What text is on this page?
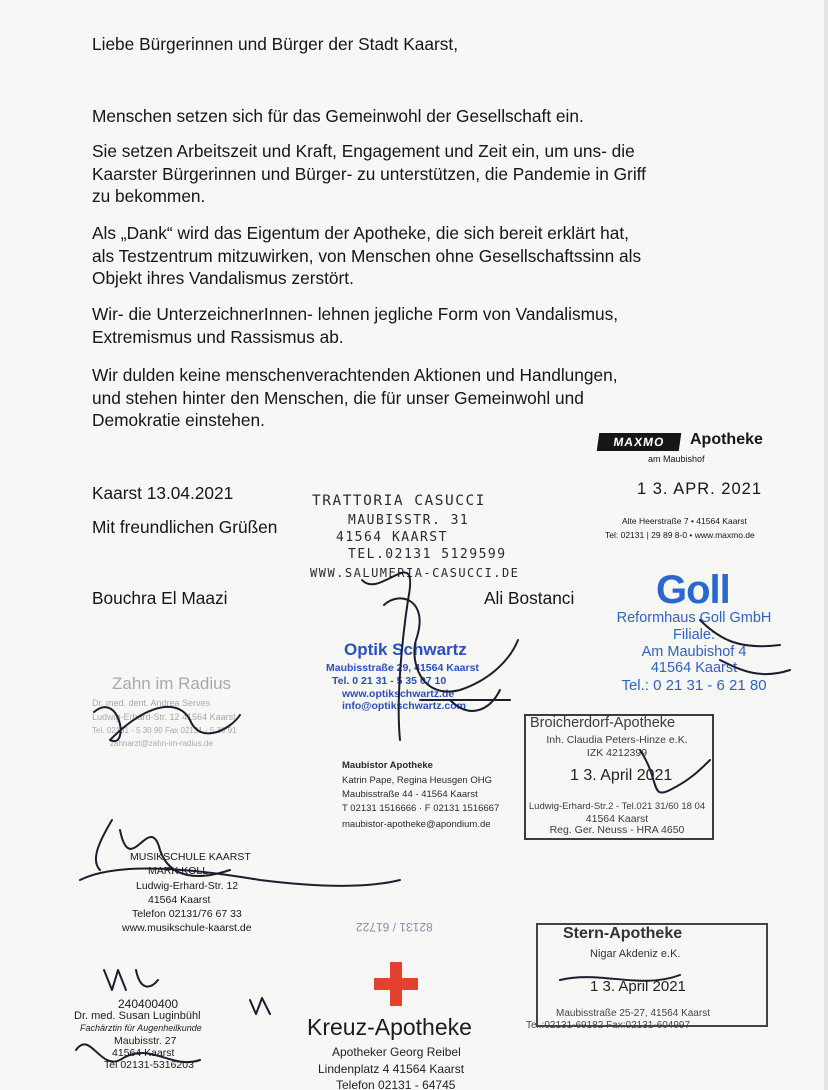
Liebe Bürgerinnen und Bürger der Stadt Kaarst,

Menschen setzen sich für das Gemeinwohl der Gesellschaft ein.

Sie setzen Arbeitszeit und Kraft, Engagement und Zeit ein, um uns- die
Kaarster Bürgerinnen und Bürger- zu unterstützen, die Pandemie in Griff
zu bekommen.

Als „Dank“ wird das Eigentum der Apotheke, die sich bereit erklärt hat,
als Testzentrum mitzuwirken, von Menschen ohne Gesellschaftssinn als
Objekt ihres Vandalismus zerstört.

Wir- die UnterzeichnerInnen- lehnen jegliche Form von Vandalismus,
Extremismus und Rassismus ab.

Wir dulden keine menschenverachtenden Aktionen und Handlungen,
und stehen hinter den Menschen, die für unser Gemeinwohl und
Demokratie einstehen.

Kaarst 13.04.2021

Mit freundlichen Grüßen

Bouchra El Maazi	Ali Bostanci

MAXMO	Apotheke
am Maubishof
1 3. APR. 2021
Alte Heerstraße 7 • 41564 Kaarst
Tel: 02131 | 29 89 8-0 • www.maxmo.de
TRATTORIA CASUCCI
MAUBISSTR. 31
41564 KAARST
TEL.02131 5129599
WWW.SALUMERIA-CASUCCI.DE	Goll
Reformhaus Goll GmbH
Filiale:
Am Maubishof 4
41564 Kaarst
Tel.: 0 21 31 - 6 21 80
Optik Schwartz
Maubisstraße 29, 41564 Kaarst
Tel. 0 21 31 - 5 35 07 10
www.optikschwartz.de
info@optikschwartz.com
Zahn im Radius
Dr. med. dent. Andrea Serves
Ludwig-Erhard-Str. 12 41564 Kaarst
Tel. 02131 - 5 30 90 Fax 02131 - 5 30 91
zahnarzt@zahn-im-radius.de
Broicherdorf-Apotheke
Inh. Claudia Peters-Hinze e.K.
IZK 4212399
1 3. April 2021
Ludwig-Erhard-Str.2 - Tel.021 31/60 18 04
41564 Kaarst
Reg. Ger. Neuss - HRA 4650
Maubistor Apotheke
Katrin Pape, Regina Heusgen OHG
Maubisstraße 44 - 41564 Kaarst
T 02131 1516666 · F 02131 1516667
maubistor-apotheke@apondium.de
MUSIKSCHULE KAARST
MARK KOLL
Ludwig-Erhard-Str. 12
41564 Kaarst
Telefon 02131/76 67 33
www.musikschule-kaarst.de	Stern-Apotheke
Nigar Akdeniz e.K.
1 3. April 2021
Maubisstraße 25-27, 41564 Kaarst
Tel.:02131-69182 Fax:02131-604997
82131 / 61722
Kreuz-Apotheke
Apotheker Georg Reibel
Lindenplatz 4 41564 Kaarst
Telefon 02131 - 64745
240400400
Dr. med. Susan Luginbühl
Fachärztin für Augenheilkunde
Maubisstr. 27
41564 Kaarst
Tel 02131-5316203
